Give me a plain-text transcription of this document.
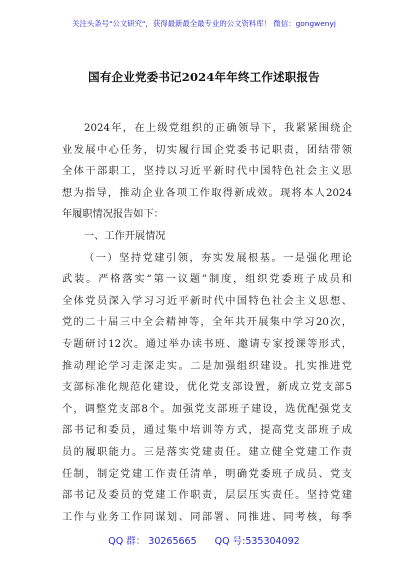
关注头条号"公文研究"，获得最新最全最专业的公文资料库！ 微信：gongwenyj
国有企业党委书记2024年年终工作述职报告
2024年，在上级党组织的正确领导下，我紧紧围绕企
业发展中心任务，切实履行国企党委书记职责，团结带领
全体干部职工，坚持以习近平新时代中国特色社会主义思
想为指导，推动企业各项工作取得新成效。现将本人2024
年履职情况报告如下：
一、工作开展情况
（一）坚持党建引领，夯实发展根基。一是强化理论
武装。严格落实“第一议题”制度，组织党委班子成员和
全体党员深入学习习近平新时代中国特色社会主义思想、
党的二十届三中全会精神等，全年共开展集中学习20次，
专题研讨12次。通过举办读书班、邀请专家授课等形式，
推动理论学习走深走实。二是加强组织建设。扎实推进党
支部标准化规范化建设，优化党支部设置，新成立党支部5
个，调整党支部8个。加强党支部班子建设，选优配强党支
部书记和委员，通过集中培训等方式，提高党支部班子成
员的履职能力。三是落实党建责任。建立健全党建工作责
任制，制定党建工作责任清单，明确党委班子成员、党支
部书记及委员的党建工作职责，层层压实责任。坚持党建
工作与业务工作同谋划、同部署、同推进、同考核，每季
QQ 群： 30265665 QQ 号:535304092
